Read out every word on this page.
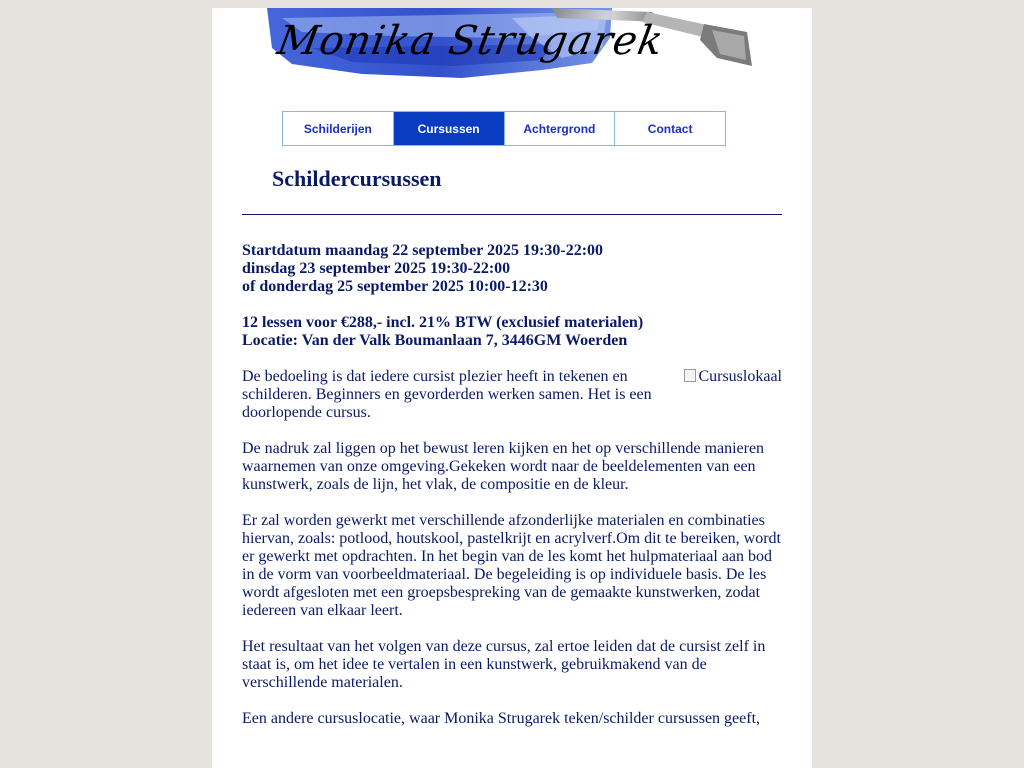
Schilderijen	Cursussen	Achtergrond	Contact
Schildercursussen

Startdatum maandag 22 september 2025 19:30-22:00
dinsdag 23 september 2025 19:30-22:00
of donderdag 25 september 2025 10:00-12:30

12 lessen voor €288,- incl. 21% BTW (exclusief materialen)
Locatie: Van der Valk Boumanlaan 7, 3446GM Woerden

Cursuslokaal

De bedoeling is dat iedere cursist plezier heeft in tekenen en schilderen. Beginners en gevorderden werken samen. Het is een doorlopende cursus.

De nadruk zal liggen op het bewust leren kijken en het op verschillende manieren waarnemen van onze omgeving.Gekeken wordt naar de beeldelementen van een kunstwerk, zoals de lijn, het vlak, de compositie en de kleur.

Er zal worden gewerkt met verschillende afzonderlijke materialen en combinaties hiervan, zoals: potlood, houtskool, pastelkrijt en acrylverf.Om dit te bereiken, wordt er gewerkt met opdrachten. In het begin van de les komt het hulpmateriaal aan bod in de vorm van voorbeeldmateriaal. De begeleiding is op individuele basis. De les wordt afgesloten met een groepsbespreking van de gemaakte kunstwerken, zodat iedereen van elkaar leert.

Het resultaat van het volgen van deze cursus, zal ertoe leiden dat de cursist zelf in staat is, om het idee te vertalen in een kunstwerk, gebruikmakend van de verschillende materialen.

Een andere cursuslocatie, waar Monika Strugarek teken/schilder cursussen geeft,

Monika Strugarek
